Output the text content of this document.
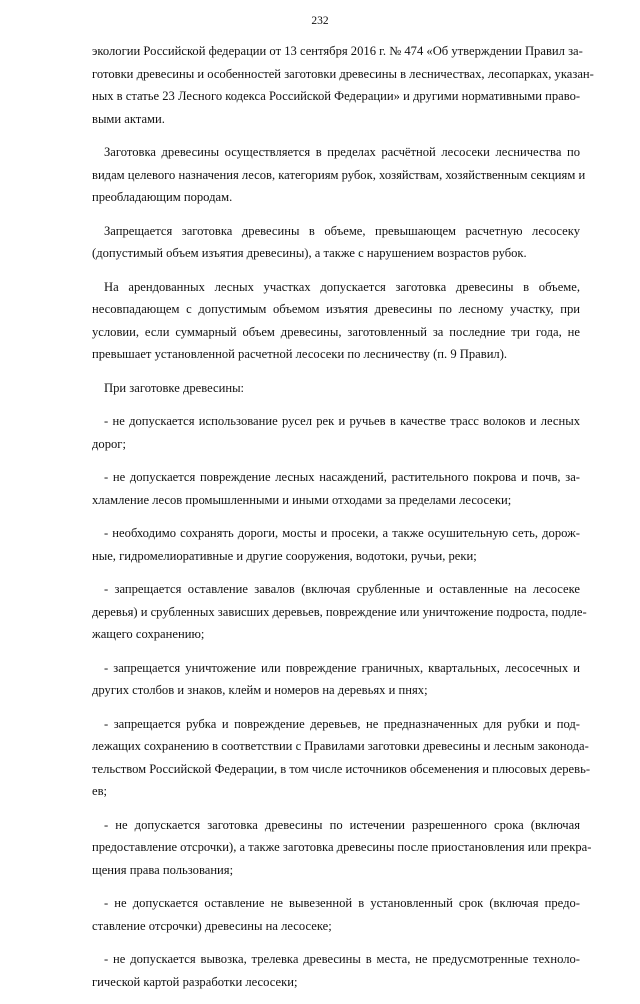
232
экологии Российской федерации от 13 сентября 2016 г. № 474 «Об утверждении Правил за-
готовки древесины и особенностей заготовки древесины в лесничествах, лесопарках, указан-
ных в статье 23 Лесного кодекса Российской Федерации» и другими нормативными право-
выми актами.
Заготовка древесины осуществляется в пределах расчётной лесосеки лесничества по
видам целевого назначения лесов, категориям рубок, хозяйствам, хозяйственным секциям и
преобладающим породам.
Запрещается заготовка древесины в объеме, превышающем расчетную лесосеку
(допустимый объем изъятия древесины), а также с нарушением возрастов рубок.
На арендованных лесных участках допускается заготовка древесины в объеме,
несовпадающем с допустимым объемом изъятия древесины по лесному участку, при
условии, если суммарный объем древесины, заготовленный за последние три года, не
превышает установленной расчетной лесосеки по лесничеству (п. 9 Правил).
При заготовке древесины:
- не допускается использование русел рек и ручьев в качестве трасс волоков и лесных
дорог;
- не допускается повреждение лесных насаждений, растительного покрова и почв, за-
хламление лесов промышленными и иными отходами за пределами лесосеки;
- необходимо сохранять дороги, мосты и просеки, а также осушительную сеть, дорож-
ные, гидромелиоративные и другие сооружения, водотоки, ручьи, реки;
- запрещается оставление завалов (включая срубленные и оставленные на лесосеке
деревья) и срубленных зависших деревьев, повреждение или уничтожение подроста, подле-
жащего сохранению;
- запрещается уничтожение или повреждение граничных, квартальных, лесосечных и
других столбов и знаков, клейм и номеров на деревьях и пнях;
- запрещается рубка и повреждение деревьев, не предназначенных для рубки и под-
лежащих сохранению в соответствии с Правилами заготовки древесины и лесным законода-
тельством Российской Федерации, в том числе источников обсеменения и плюсовых деревь-
ев;
- не допускается заготовка древесины по истечении разрешенного срока (включая
предоставление отсрочки), а также заготовка древесины после приостановления или прекра-
щения права пользования;
- не допускается оставление не вывезенной в установленный срок (включая предо-
ставление отсрочки) древесины на лесосеке;
- не допускается вывозка, трелевка древесины в места, не предусмотренные техноло-
гической картой разработки лесосеки;
